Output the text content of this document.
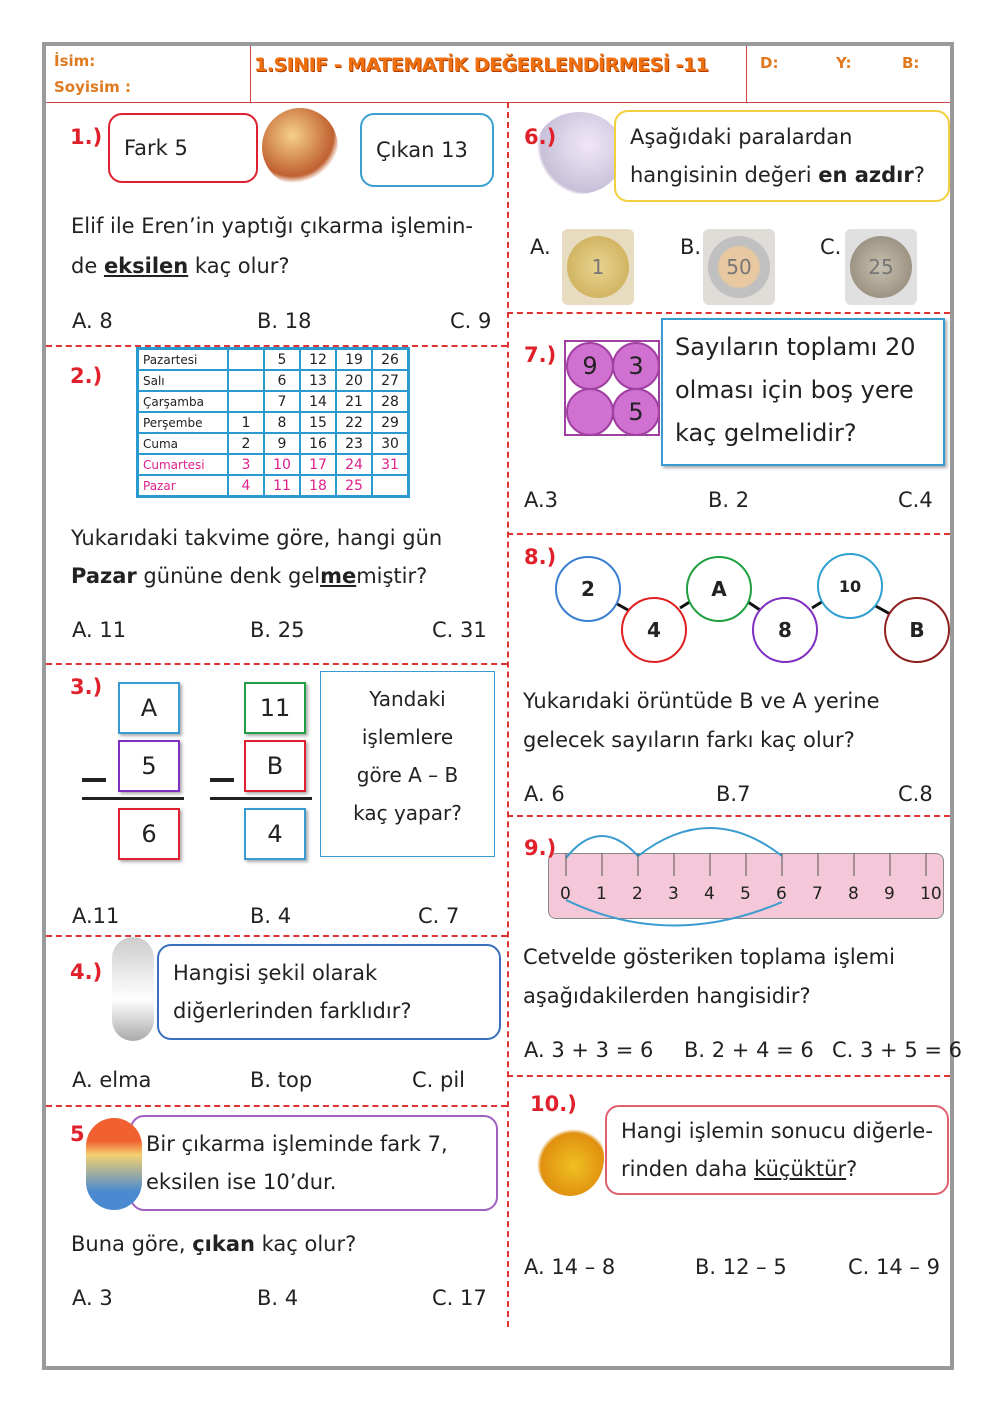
İsim:
Soyisim :
1.SINIF - MATEMATİK DEĞERLENDİRMESİ -11	D:	Y:	B:
1.)	Fark 5	Çıkan 13
Elif ile Eren’in yaptığı çıkarma işlemin-
de eksilen kaç olur?
A. 8	B. 18	C. 9
2.)
Pazartesi		5	12	19	26
Salı		6	13	20	27
Çarşamba		7	14	21	28
Perşembe	1	8	15	22	29
Cuma	2	9	16	23	30
Cumartesi	3	10	17	24	31
Pazar	4	11	18	25	
Yukarıdaki takvime göre, hangi gün
Pazar gününe denk gelmemiştir?
A. 11	B. 25	C. 31
3.)
A
5
6
11
B
4
Yandaki
işlemlere
göre A – B
kaç yapar?
A.11	B. 4	C. 7
4.)	Hangisi şekil olarak
diğerlerinden farklıdır?
A. elma	B. top	C. pil
5	Bir çıkarma işleminde fark 7,
eksilen ise 10’dur.
Buna göre, çıkan kaç olur?
A. 3	B. 4	C. 17
6.)	Aşağıdaki paralardan
hangisinin değeri en azdır?
A.
1
B.
50
C.
25
7.)	9	3
5
Sayıların toplamı 20
olması için boş yere
kaç gelmelidir?
A.3	B. 2	C.4
8.)
2
4
A
8
10
B
Yukarıdaki örüntüde B ve A yerine
gelecek sayıların farkı kaç olur?
A. 6	B.7	C.8
9.)
0 1 2 3 4 5 6 7 8 9 10
Cetvelde gösteriken toplama işlemi
aşağıdakilerden hangisidir?
A. 3 + 3 = 6 B. 2 + 4 = 6 C. 3 + 5 = 6
10.)
Hangi işlemin sonucu diğerle-
rinden daha küçüktür?
A. 14 – 8	B. 12 – 5	C. 14 – 9
